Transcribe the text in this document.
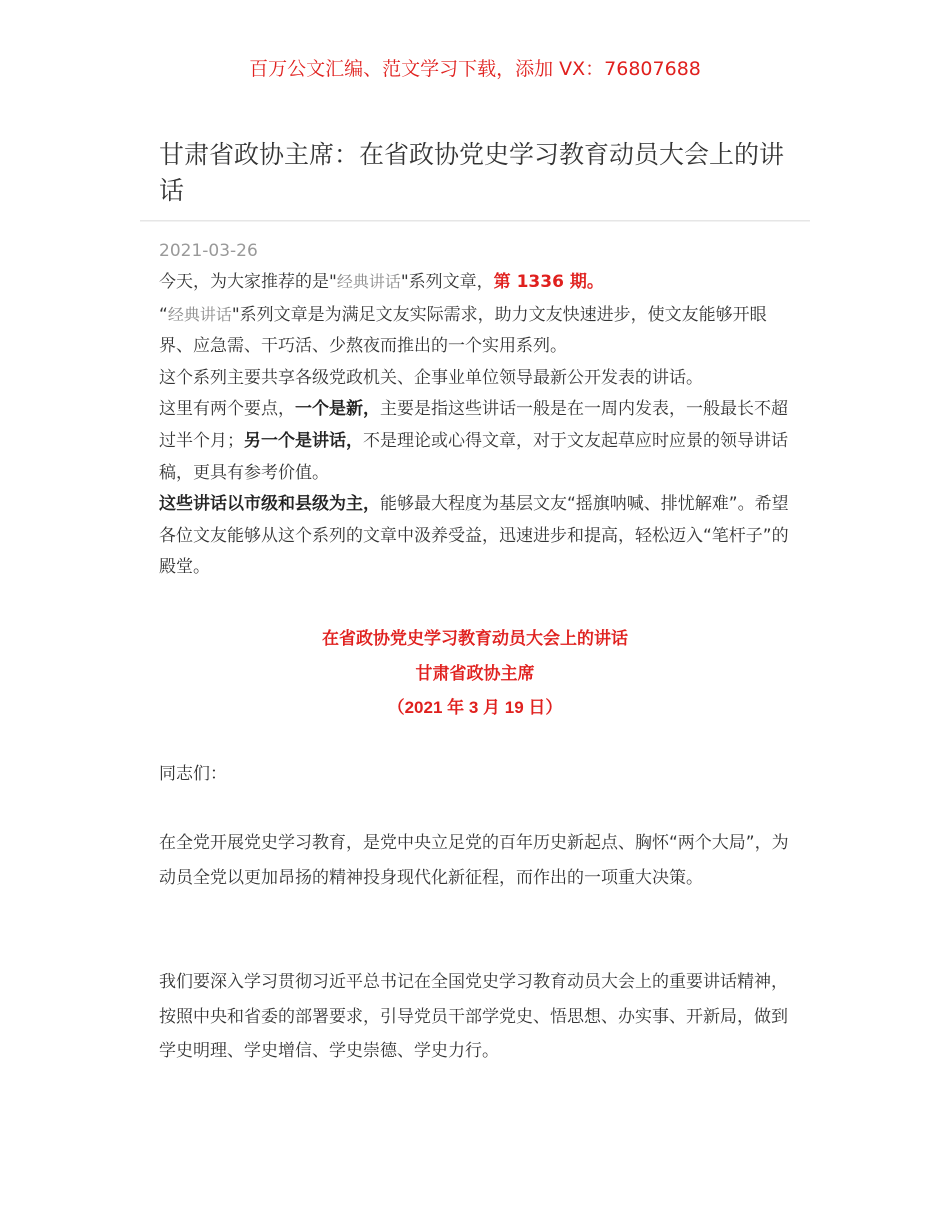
百万公文汇编、范文学习下载，添加 VX：76807688
甘肃省政协主席：在省政协党史学习教育动员大会上的讲话
2021-03-26

今天，为大家推荐的是"经典讲话"系列文章，第 1336 期。

“经典讲话"系列文章是为满足文友实际需求，助力文友快速进步，使文友能够开眼界、应急需、干巧活、少熬夜而推出的一个实用系列。

这个系列主要共享各级党政机关、企事业单位领导最新公开发表的讲话。

这里有两个要点，一个是新，主要是指这些讲话一般是在一周内发表，一般最长不超过半个月；另一个是讲话，不是理论或心得文章，对于文友起草应时应景的领导讲话稿，更具有参考价值。

这些讲话以市级和县级为主，能够最大程度为基层文友“摇旗呐喊、排忧解难”。希望各位文友能够从这个系列的文章中汲养受益，迅速进步和提高，轻松迈入“笔杆子”的殿堂。

在省政协党史学习教育动员大会上的讲话
甘肃省政协主席
（2021 年 3 月 19 日）

同志们：

在全党开展党史学习教育，是党中央立足党的百年历史新起点、胸怀“两个大局”，为动员全党以更加昂扬的精神投身现代化新征程，而作出的一项重大决策。

我们要深入学习贯彻习近平总书记在全国党史学习教育动员大会上的重要讲话精神，按照中央和省委的部署要求，引导党员干部学党史、悟思想、办实事、开新局，做到学史明理、学史增信、学史崇德、学史力行。
